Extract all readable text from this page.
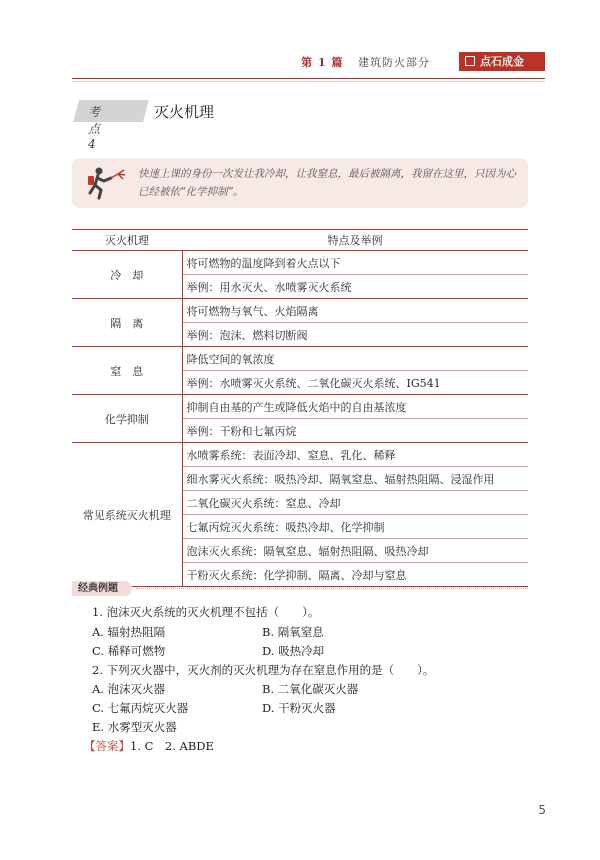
第 1 篇 建筑防火部分	点石成金
考点 4
灭火机理
快速上课的身份一次发让我冷却，让我窒息，最后被隔离，我留在这里，只因为心已经被依“化学抑制”。
灭火机理	特点及举例
冷　却	将可燃物的温度降到着火点以下
	举例：用水灭火、水喷雾灭火系统
隔　离	将可燃物与氧气、火焰隔离
	举例：泡沫、燃料切断阀
窒　息	降低空间的氧浓度
	举例：水喷雾灭火系统、二氧化碳灭火系统、IG541
化学抑制	抑制自由基的产生或降低火焰中的自由基浓度
	举例：干粉和七氟丙烷
常见系统灭火机理	水喷雾系统：表面冷却、窒息、乳化、稀释
	细水雾灭火系统：吸热冷却、隔氧窒息、辐射热阻隔、浸湿作用
	二氧化碳灭火系统：窒息、冷却
	七氟丙烷灭火系统：吸热冷却、化学抑制
	泡沫灭火系统：隔氧窒息、辐射热阻隔、吸热冷却
	干粉灭火系统：化学抑制、隔离、冷却与窒息
经典例题
1. 泡沫灭火系统的灭火机理不包括（　　）。
A. 辐射热阻隔	B. 隔氧窒息
C. 稀释可燃物	D. 吸热冷却
2. 下列灭火器中，灭火剂的灭火机理为存在窒息作用的是（　　）。
A. 泡沫灭火器	B. 二氧化碳灭火器
C. 七氟丙烷灭火器	D. 干粉灭火器
E. 水雾型灭火器
【答案】1. C　2. ABDE
5
